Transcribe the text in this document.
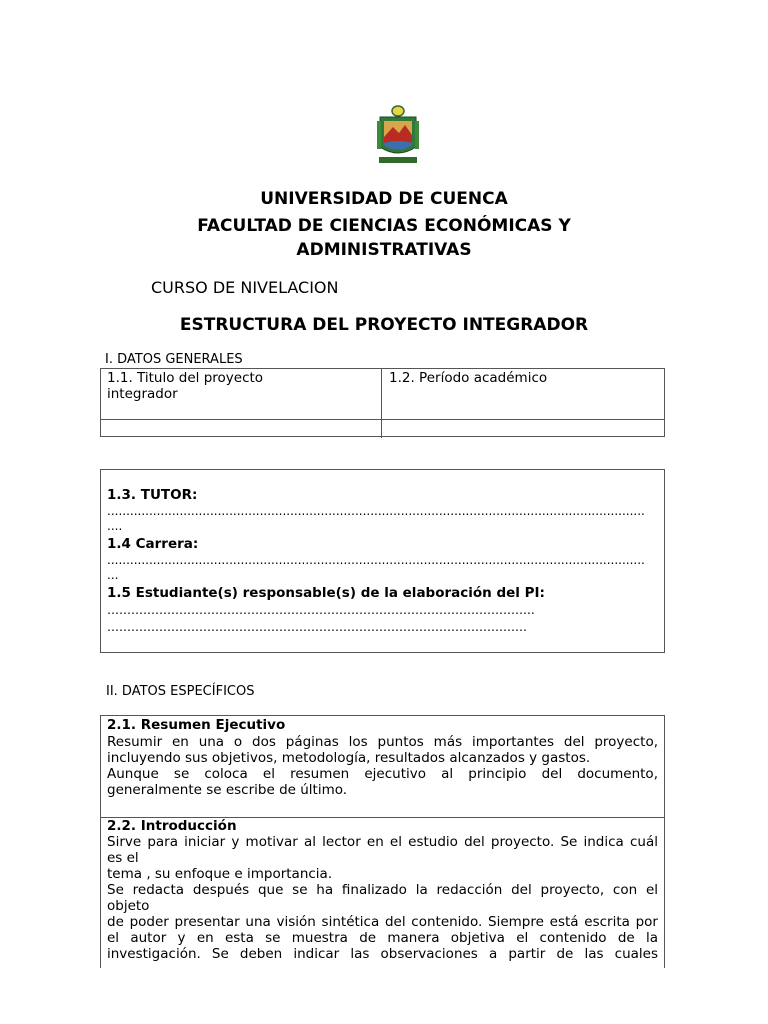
UNIVERSIDAD DE CUENCA
FACULTAD DE CIENCIAS ECONÓMICAS Y
ADMINISTRATIVAS
CURSO DE NIVELACION
ESTRUCTURA DEL PROYECTO INTEGRADOR
I. DATOS GENERALES
1.1. Titulo del proyecto
integrador
1.2. Período académico
1.3. TUTOR:
.............................................................................................................................................
....
1.4 Carrera:
.............................................................................................................................................
...
1.5 Estudiante(s) responsable(s) de la elaboración del PI:
……………………………………………………………………………………………..
……………………………………………………………………………………………
II. DATOS ESPECÍFICOS
2.1. Resumen Ejecutivo
Resumir en una o dos páginas los puntos más importantes del proyecto,
incluyendo sus objetivos, metodología, resultados alcanzados y gastos.
Aunque se coloca el resumen ejecutivo al principio del documento,
generalmente se escribe de último.
2.2. Introducción
Sirve para iniciar y motivar al lector en el estudio del proyecto. Se indica cuál
es el
tema , su enfoque e importancia.
Se redacta después que se ha finalizado la redacción del proyecto, con el
objeto
de poder presentar una visión sintética del contenido. Siempre está escrita por
el autor y en esta se muestra de manera objetiva el contenido de la
investigación. Se deben indicar las observaciones a partir de las cuales
